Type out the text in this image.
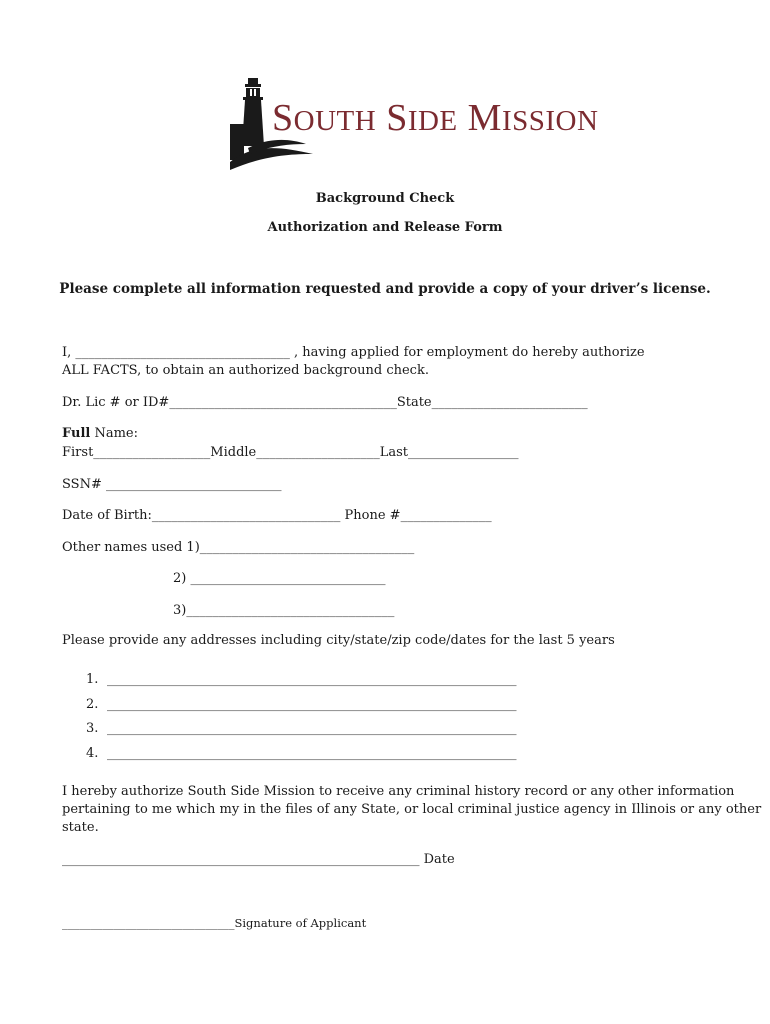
SOUTH SIDE MISSION
Background Check
Authorization and Release Form
Please complete all information requested and provide a copy of your driver’s license.
I, _________________________________ , having applied for employment do hereby authorize
ALL FACTS, to obtain an authorized background check.
Dr. Lic # or ID#___________________________________State________________________
Full Name:
First__________________Middle___________________Last_________________
SSN# ___________________________
Date of Birth:_____________________________ Phone #______________
Other names used 1)_________________________________
2) ______________________________
3)________________________________
Please provide any addresses including city/state/zip code/dates for the last 5 years
1. _______________________________________________________________
2. _______________________________________________________________
3. _______________________________________________________________
4. _______________________________________________________________
I hereby authorize South Side Mission to receive any criminal history record or any other information
pertaining to me which my in the files of any State, or local criminal justice agency in Illinois or any other
state.
_______________________________________________________ Date
______________________________Signature of Applicant
